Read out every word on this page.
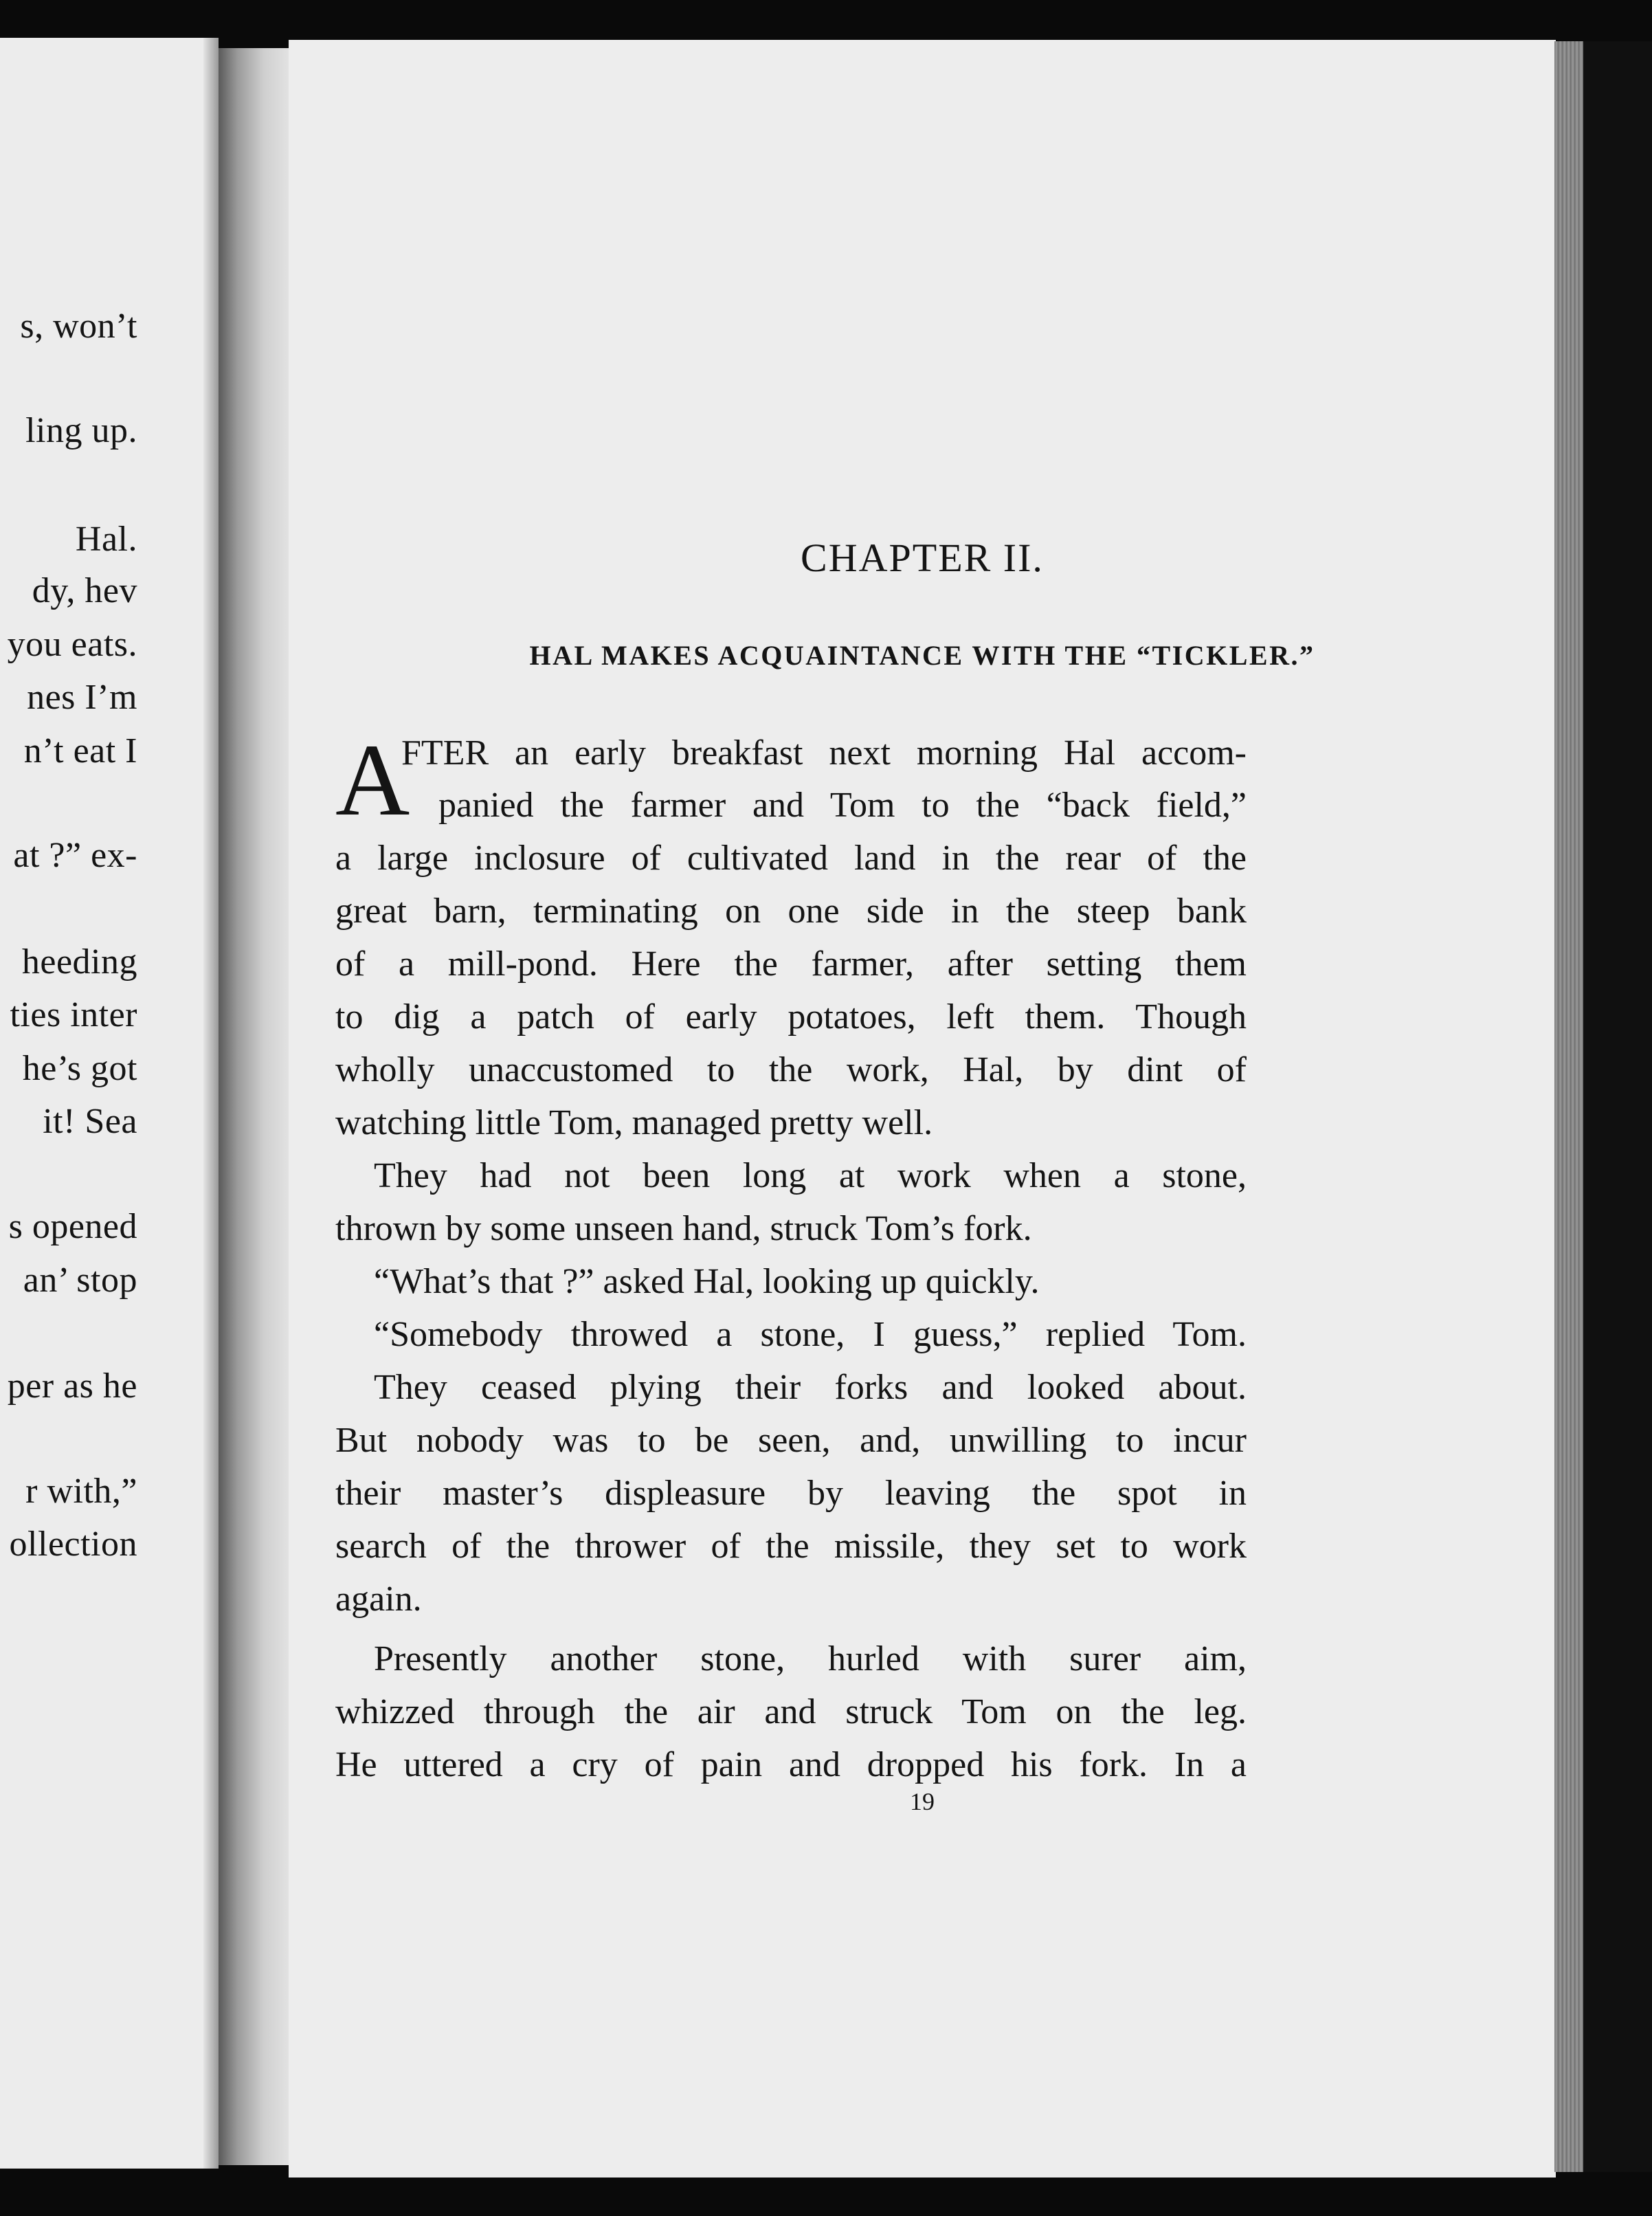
s, won’t
ling up.
Hal.
dy, hev
you eats.
nes I’m
n’t eat I
at ?” ex-
heeding
ties inter
he’s got
it! Sea
s opened
an’ stop
per as he
r with,”
ollection
CHAPTER II.
HAL MAKES ACQUAINTANCE WITH THE “TICKLER.”
A
FTER an early breakfast next morning Hal accom-
panied the farmer and Tom to the “back field,”
a large inclosure of cultivated land in the rear of the
great barn, terminating on one side in the steep bank
of a mill-pond. Here the farmer, after setting them
to dig a patch of early potatoes, left them. Though
wholly unaccustomed to the work, Hal, by dint of
watching little Tom, managed pretty well.
They had not been long at work when a stone,
thrown by some unseen hand, struck Tom’s fork.
“What’s that ?” asked Hal, looking up quickly.
“Somebody throwed a stone, I guess,” replied Tom.
They ceased plying their forks and looked about.
But nobody was to be seen, and, unwilling to incur
their master’s displeasure by leaving the spot in
search of the thrower of the missile, they set to work
again.
Presently another stone, hurled with surer aim,
whizzed through the air and struck Tom on the leg.
He uttered a cry of pain and dropped his fork. In a
19
